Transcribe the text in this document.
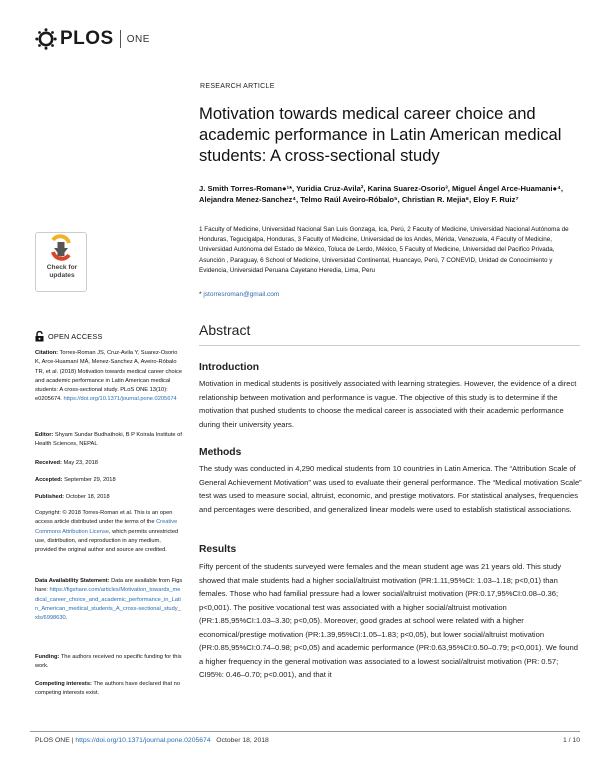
PLOS ONE
RESEARCH ARTICLE
Motivation towards medical career choice and academic performance in Latin American medical students: A cross-sectional study
J. Smith Torres-Roman●¹*, Yuridia Cruz-Avila², Karina Suarez-Osorio³, Miguel Ángel Arce-Huamani●⁴, Alejandra Menez-Sanchez⁴, Telmo Raúl Aveiro-Róbalo⁵, Christian R. Mejia⁶, Eloy F. Ruiz⁷
1 Faculty of Medicine, Universidad Nacional San Luis Gonzaga, Ica, Perú, 2 Faculty of Medicine, Universidad Nacional Autónoma de Honduras, Tegucigalpa, Honduras, 3 Faculty of Medicine, Universidad de los Andes, Mérida, Venezuela, 4 Faculty of Medicine, Universidad Autónoma del Estado de México, Toluca de Lerdo, México, 5 Faculty of Medicine, Universidad del Pacifico Privada, Asunción , Paraguay, 6 School of Medicine, Universidad Continental, Huancayo, Perú, 7 CONEVID, Unidad de Conocimiento y Evidencia, Universidad Peruana Cayetano Heredia, Lima, Peru
* jstorresroman@gmail.com
Check for updates
OPEN ACCESS
Citation: Torres-Roman JS, Cruz-Avila Y, Suarez-Osorio K, Arce-Huamaní MÁ, Menez-Sanchez A, Aveiro-Róbalo TR, et al. (2018) Motivation towards medical career choice and academic performance in Latin American medical students: A cross-sectional study. PLoS ONE 13(10): e0205674. https://doi.org/10.1371/journal.pone.0205674
Editor: Shyam Sundar Budhathoki, B P Koirala Institute of Health Sciences, NEPAL
Received: May 23, 2018
Accepted: September 29, 2018
Published: October 18, 2018
Copyright: © 2018 Torres-Roman et al. This is an open access article distributed under the terms of the Creative Commons Attribution License, which permits unrestricted use, distribution, and reproduction in any medium, provided the original author and source are credited.
Data Availability Statement: Data are available from Figshare: https://figshare.com/articles/Motivation_towards_medical_career_choice_and_academic_performance_in_Latin_American_medical_students_A_cross-sectional_study_xls/6998630.
Funding: The authors received no specific funding for this work.
Competing interests: The authors have declared that no competing interests exist.
Abstract
Introduction
Motivation in medical students is positively associated with learning strategies. However, the evidence of a direct relationship between motivation and performance is vague. The objective of this study is to determine if the motivation that pushed students to choose the medical career is associated with their academic performance during their university years.
Methods
The study was conducted in 4,290 medical students from 10 countries in Latin America. The “Attribution Scale of General Achievement Motivation” was used to evaluate their general performance. The “Medical motivation Scale” test was used to measure social, altruist, economic, and prestige motivators. For statistical analyses, frequencies and percentages were described, and generalized linear models were used to establish statistical associations.
Results
Fifty percent of the students surveyed were females and the mean student age was 21 years old. This study showed that male students had a higher social/altruist motivation (PR:1.11,95%CI: 1.03–1.18; p<0,01) than females. Those who had familial pressure had a lower social/altruist motivation (PR:0.17,95%CI:0.08–0.36; p<0,001). The positive vocational test was associated with a higher social/altruist motivation (PR:1.85,95%CI:1.03–3.30; p<0,05). Moreover, good grades at school were related with a higher economical/prestige motivation (PR:1.39,95%CI:1.05–1.83; p<0,05), but lower social/altruist motivation (PR:0.85,95%CI:0.74–0.98; p<0,05) and academic performance (PR:0.63,95%CI:0.50–0.79; p<0,001). We found a higher frequency in the general motivation was associated to a lowest social/altruist motivation (PR: 0.57; CI95%: 0.46–0.70; p<0.001), and that it
PLOS ONE | https://doi.org/10.1371/journal.pone.0205674 October 18, 2018	1 / 10
